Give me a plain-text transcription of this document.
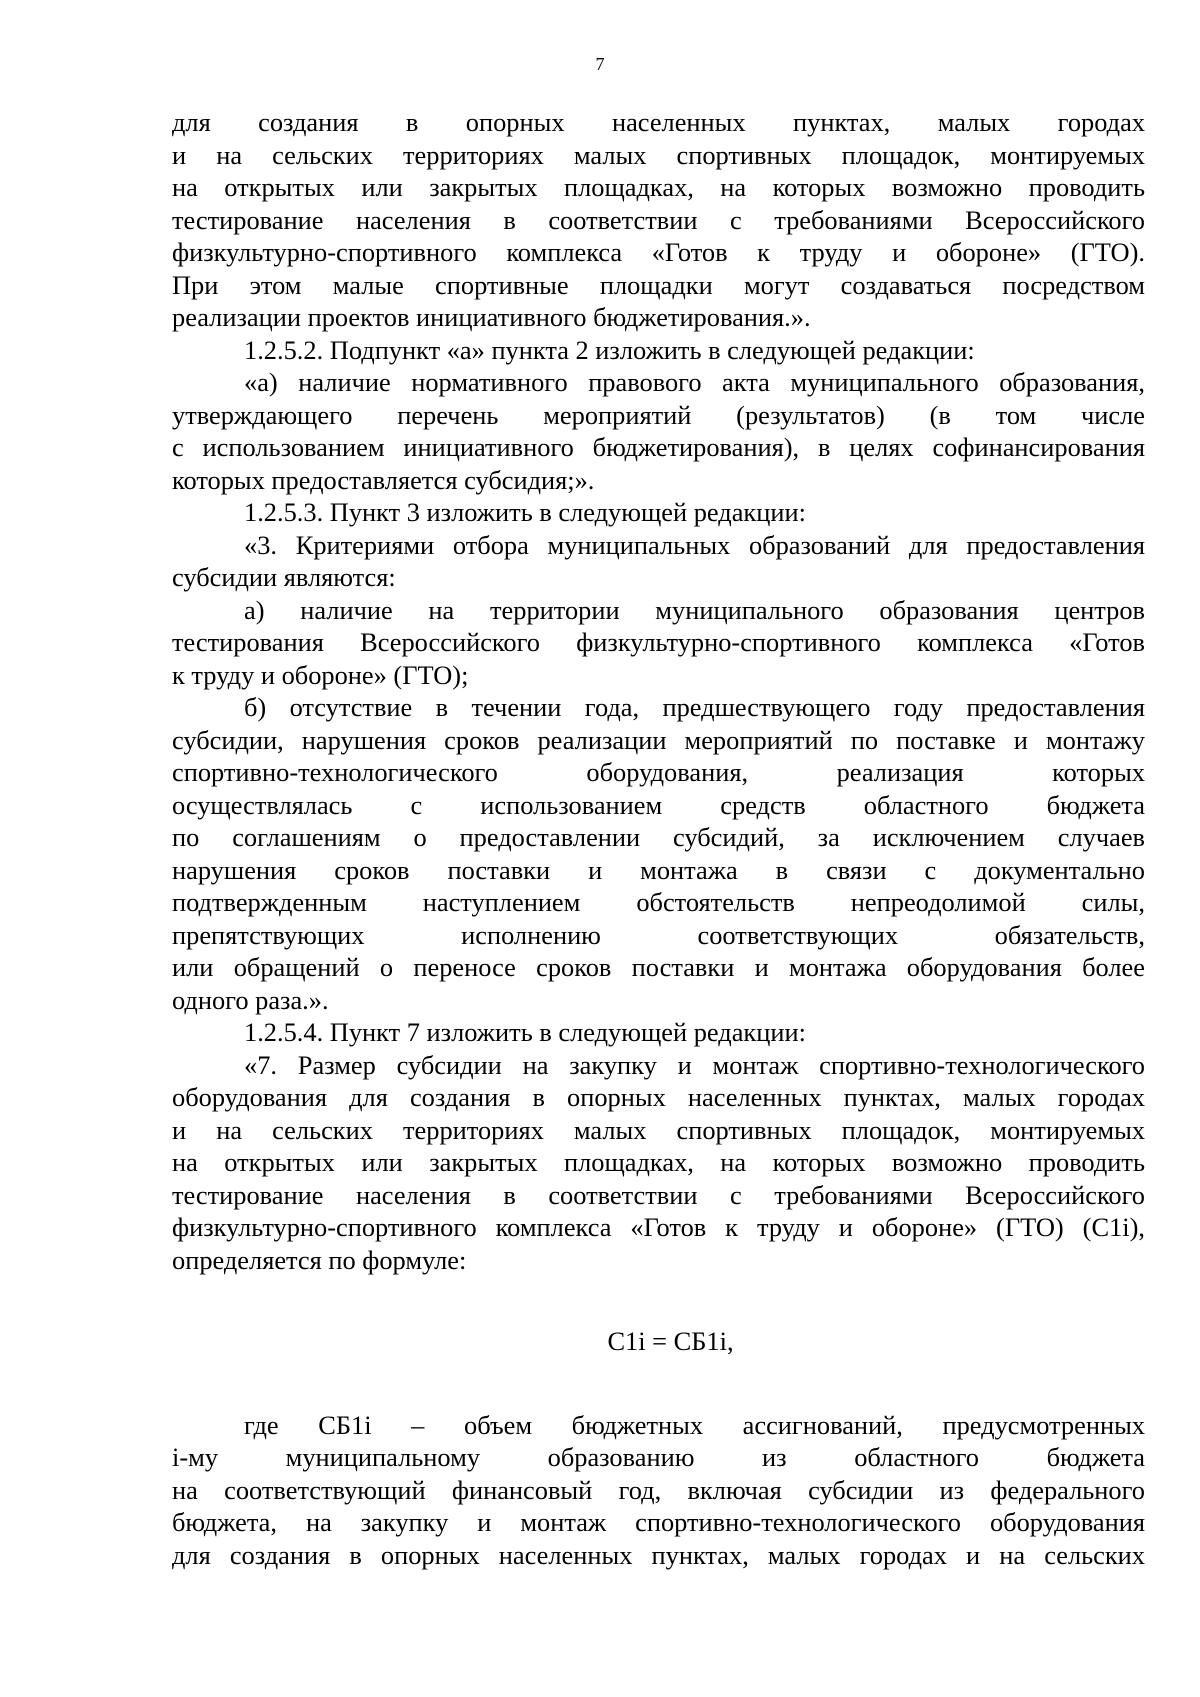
7
для создания в опорных населенных пунктах, малых городах
и на сельских территориях малых спортивных площадок, монтируемых
на открытых или закрытых площадках, на которых возможно проводить
тестирование населения в соответствии с требованиями Всероссийского
физкультурно-спортивного комплекса «Готов к труду и обороне» (ГТО).
При этом малые спортивные площадки могут создаваться посредством
реализации проектов инициативного бюджетирования.».
1.2.5.2. Подпункт «а» пункта 2 изложить в следующей редакции:
«а) наличие нормативного правового акта муниципального образования,
утверждающего перечень мероприятий (результатов) (в том числе
с использованием инициативного бюджетирования), в целях софинансирования
которых предоставляется субсидия;».
1.2.5.3. Пункт 3 изложить в следующей редакции:
«3. Критериями отбора муниципальных образований для предоставления
субсидии являются:
а) наличие на территории муниципального образования центров
тестирования Всероссийского физкультурно-спортивного комплекса «Готов
к труду и обороне» (ГТО);
б) отсутствие в течении года, предшествующего году предоставления
субсидии, нарушения сроков реализации мероприятий по поставке и монтажу
спортивно-технологического оборудования, реализация которых
осуществлялась с использованием средств областного бюджета
по соглашениям о предоставлении субсидий, за исключением случаев
нарушения сроков поставки и монтажа в связи с документально
подтвержденным наступлением обстоятельств непреодолимой силы,
препятствующих исполнению соответствующих обязательств,
или обращений о переносе сроков поставки и монтажа оборудования более
одного раза.».
1.2.5.4. Пункт 7 изложить в следующей редакции:
«7. Размер субсидии на закупку и монтаж спортивно-технологического
оборудования для создания в опорных населенных пунктах, малых городах
и на сельских территориях малых спортивных площадок, монтируемых
на открытых или закрытых площадках, на которых возможно проводить
тестирование населения в соответствии с требованиями Всероссийского
физкультурно-спортивного комплекса «Готов к труду и обороне» (ГТО) (C1i),
определяется по формуле:
C1i = СБ1i,
где СБ1i – объем бюджетных ассигнований, предусмотренных
i-му муниципальному образованию из областного бюджета
на соответствующий финансовый год, включая субсидии из федерального
бюджета, на закупку и монтаж спортивно-технологического оборудования
для создания в опорных населенных пунктах, малых городах и на сельских
